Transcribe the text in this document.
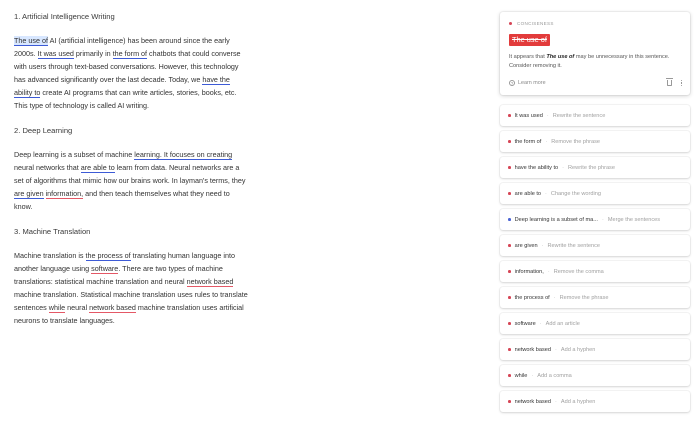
1. Artificial Intelligence Writing
The use of AI (artificial intelligence) has been around since the early
2000s. It was used primarily in the form of chatbots that could converse
with users through text-based conversations. However, this technology
has advanced significantly over the last decade. Today, we have the
ability to create AI programs that can write articles, stories, books, etc.
This type of technology is called AI writing.
2. Deep Learning
Deep learning is a subset of machine learning. It focuses on creating
neural networks that are able to learn from data. Neural networks are a
set of algorithms that mimic how our brains work. In layman's terms, they
are given information, and then teach themselves what they need to
know.
3. Machine Translation
Machine translation is the process of translating human language into
another language using software. There are two types of machine
translations: statistical machine translation and neural network based
machine translation. Statistical machine translation uses rules to translate
sentences while neural network based machine translation uses artificial
neurons to translate languages.
CONCISENESS
The use of
It appears that The use of may be unnecessary in this sentence. Consider removing it.
? Learn more
It was used · Rewrite the sentence
the form of · Remove the phrase
have the ability to · Rewrite the phrase
are able to · Change the wording
Deep learning is a subset of ma... · Merge the sentences
are given · Rewrite the sentence
information, · Remove the comma
the process of · Remove the phrase
software · Add an article
network based · Add a hyphen
while · Add a comma
network based · Add a hyphen
